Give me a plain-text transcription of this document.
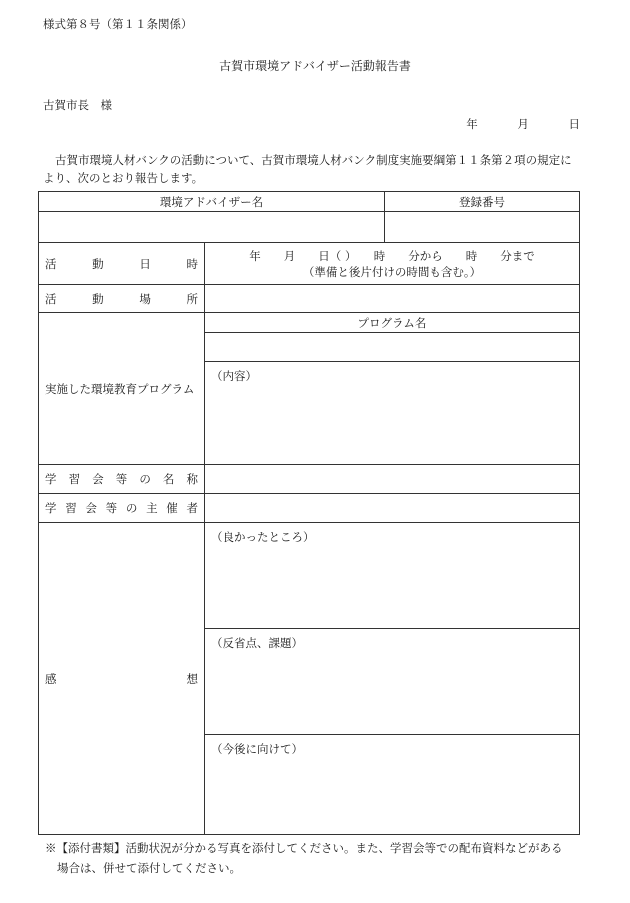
様式第８号（第１１条関係）
古賀市環境アドバイザー活動報告書
古賀市長　様
年	月	日
古賀市環境人材バンクの活動について、古賀市環境人材バンク制度実施要綱第１１条第２項の規定により、次のとおり報告します。
環境アドバイザー名		登録番号

活　動　日　時	年　　月　　日（ ）　　時　　分から　　時　　分まで
（準備と後片付けの時間も含む。）	

活　動　場　所		
実施した環境教育プログラム	プログラム名	

	（内容）	
学習会等の名称		
学習会等の主催者		
感　想	（良かったところ）	
	（反省点、課題）	
	（今後に向けて）	
※【添付書類】活動状況が分かる写真を添付してください。また、学習会等での配布資料などがある
場合は、併せて添付してください。
